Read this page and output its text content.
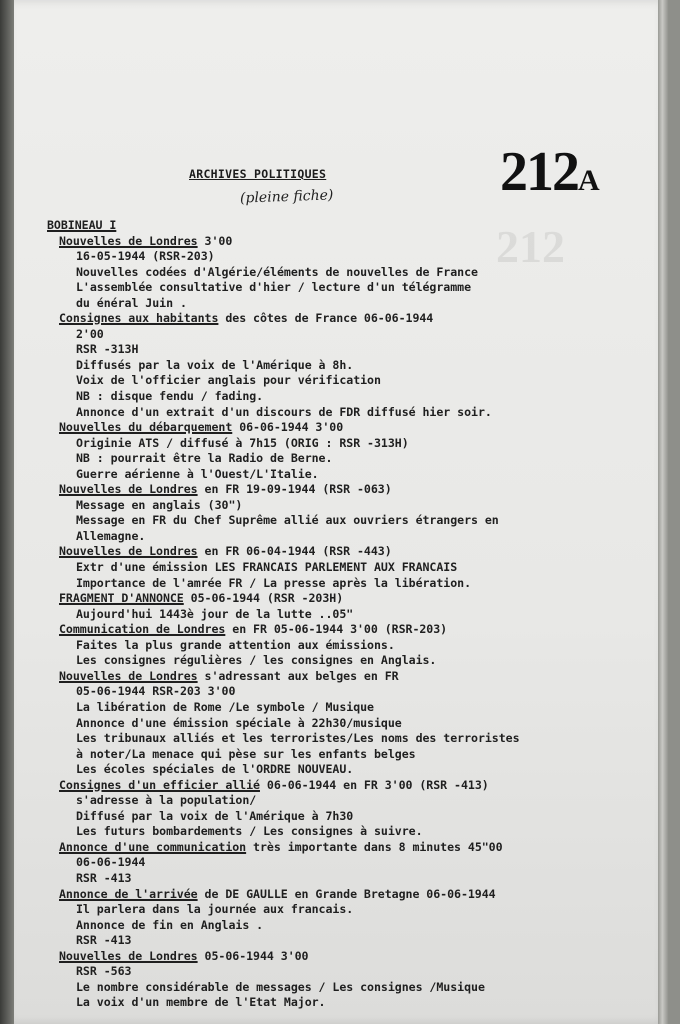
ARCHIVES POLITIQUES
(pleine fiche)	212A
212
BOBINEAU I
Nouvelles de Londres 3'00
16-05-1944 (RSR-203)
Nouvelles codées d'Algérie/éléments de nouvelles de France
L'assemblée consultative d'hier / lecture d'un télégramme
du énéral Juin .
Consignes aux habitants des côtes de France 06-06-1944
2'00
RSR -313H
Diffusés par la voix de l'Amérique à 8h.
Voix de l'officier anglais pour vérification
NB : disque fendu / fading.
Annonce d'un extrait d'un discours de FDR diffusé hier soir.
Nouvelles du débarquement 06-06-1944 3'00
Originie ATS / diffusé à 7h15 (ORIG : RSR -313H)
NB : pourrait être la Radio de Berne.
Guerre aérienne à l'Ouest/L'Italie.
Nouvelles de Londres en FR 19-09-1944 (RSR -063)
Message en anglais (30")
Message en FR du Chef Suprême allié aux ouvriers étrangers en
Allemagne.
Nouvelles de Londres en FR 06-04-1944 (RSR -443)
Extr d'une émission LES FRANCAIS PARLEMENT AUX FRANCAIS
Importance de l'amrée FR / La presse après la libération.
FRAGMENT D'ANNONCE 05-06-1944 (RSR -203H)
Aujourd'hui 1443è jour de la lutte ..05"
Communication de Londres en FR 05-06-1944 3'00 (RSR-203)
Faites la plus grande attention aux émissions.
Les consignes régulières / les consignes en Anglais.
Nouvelles de Londres s'adressant aux belges en FR
05-06-1944 RSR-203 3'00
La libération de Rome /Le symbole / Musique
Annonce d'une émission spéciale à 22h30/musique
Les tribunaux alliés et les terroristes/Les noms des terroristes
à noter/La menace qui pèse sur les enfants belges
Les écoles spéciales de l'ORDRE NOUVEAU.
Consignes d'un efficier allié 06-06-1944 en FR 3'00 (RSR -413)
s'adresse à la population/
Diffusé par la voix de l'Amérique à 7h30
Les futurs bombardements / Les consignes à suivre.
Annonce d'une communication très importante dans 8 minutes 45"00
06-06-1944
RSR -413
Annonce de l'arrivée de DE GAULLE en Grande Bretagne 06-06-1944
Il parlera dans la journée aux francais.
Annonce de fin en Anglais .
RSR -413
Nouvelles de Londres 05-06-1944 3'00
RSR -563
Le nombre considérable de messages / Les consignes /Musique
La voix d'un membre de l'Etat Major.
